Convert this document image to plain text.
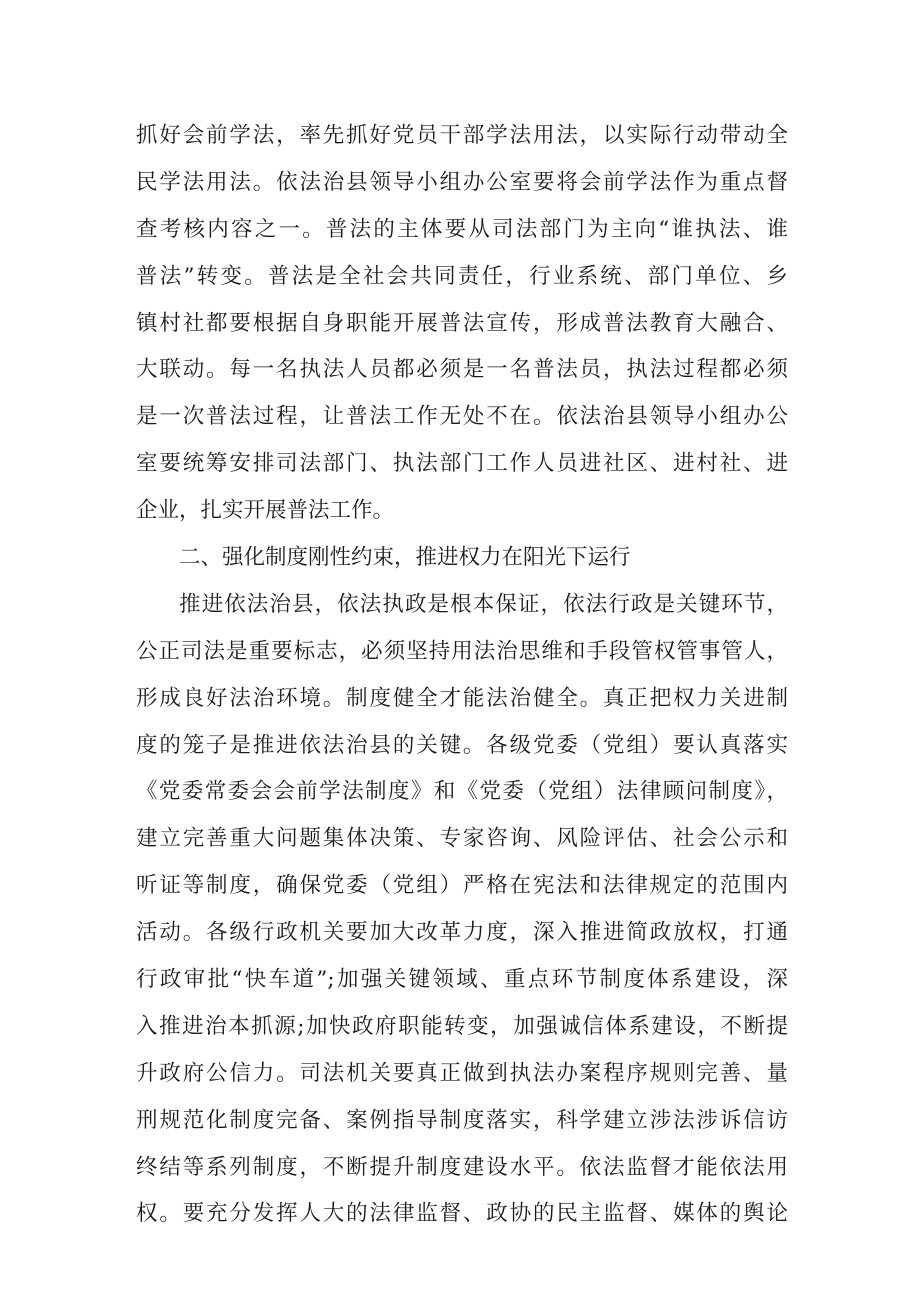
抓好会前学法，率先抓好党员干部学法用法，以实际行动带动全
民学法用法。依法治县领导小组办公室要将会前学法作为重点督
查考核内容之一。普法的主体要从司法部门为主向“谁执法、谁
普法”转变。普法是全社会共同责任，行业系统、部门单位、乡
镇村社都要根据自身职能开展普法宣传，形成普法教育大融合、
大联动。每一名执法人员都必须是一名普法员，执法过程都必须
是一次普法过程，让普法工作无处不在。依法治县领导小组办公
室要统筹安排司法部门、执法部门工作人员进社区、进村社、进
企业，扎实开展普法工作。
二、强化制度刚性约束，推进权力在阳光下运行
推进依法治县，依法执政是根本保证，依法行政是关键环节，
公正司法是重要标志，必须坚持用法治思维和手段管权管事管人，
形成良好法治环境。制度健全才能法治健全。真正把权力关进制
度的笼子是推进依法治县的关键。各级党委（党组）要认真落实
《党委常委会会前学法制度》和《党委（党组）法律顾问制度》，
建立完善重大问题集体决策、专家咨询、风险评估、社会公示和
听证等制度，确保党委（党组）严格在宪法和法律规定的范围内
活动。各级行政机关要加大改革力度，深入推进简政放权，打通
行政审批“快车道”;加强关键领域、重点环节制度体系建设，深
入推进治本抓源;加快政府职能转变，加强诚信体系建设，不断提
升政府公信力。司法机关要真正做到执法办案程序规则完善、量
刑规范化制度完备、案例指导制度落实，科学建立涉法涉诉信访
终结等系列制度，不断提升制度建设水平。依法监督才能依法用
权。要充分发挥人大的法律监督、政协的民主监督、媒体的舆论
